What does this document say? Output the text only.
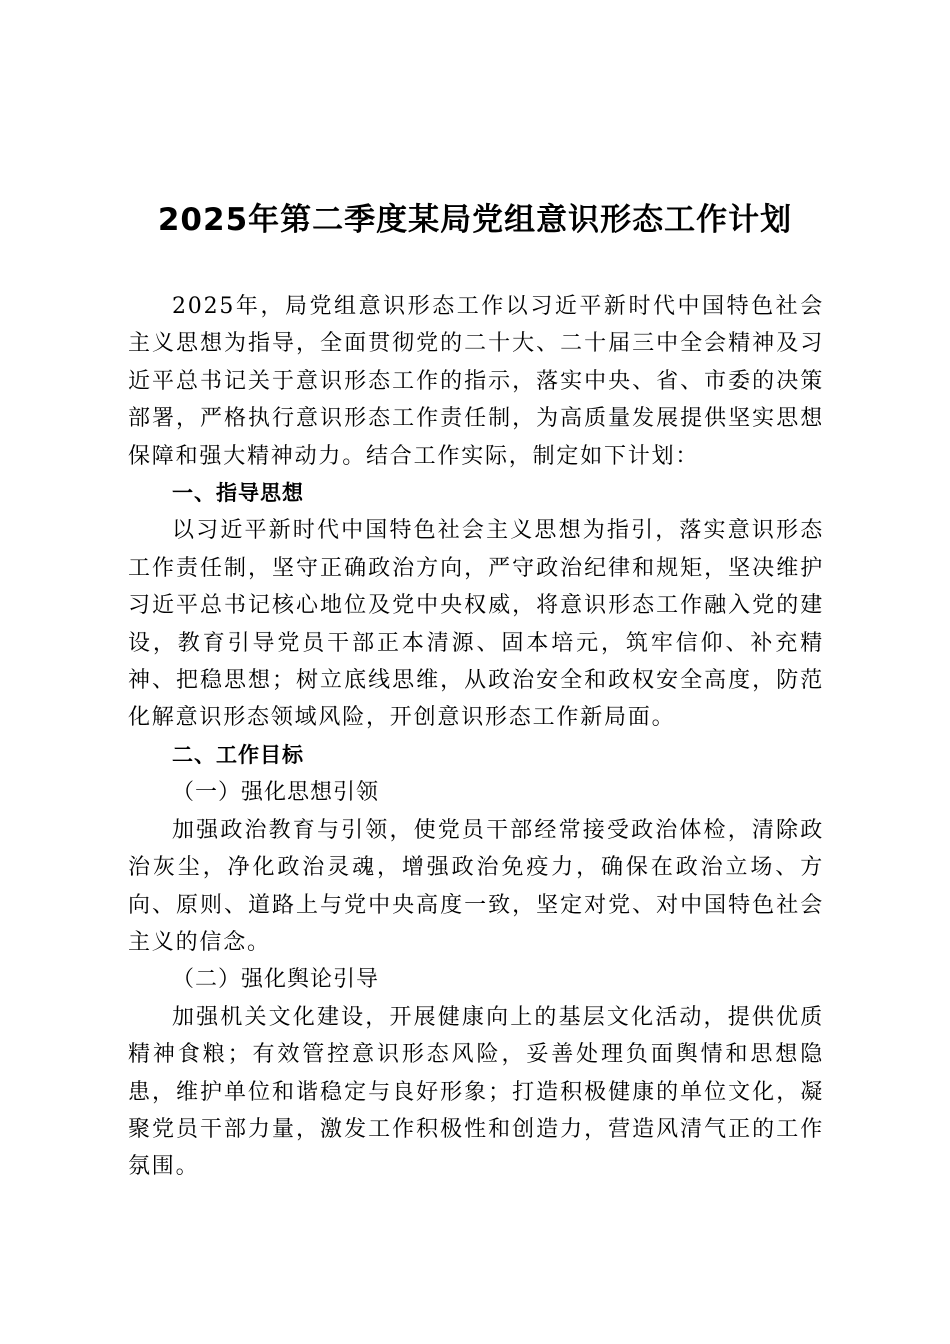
2025年第二季度某局党组意识形态工作计划

2025年，局党组意识形态工作以习近平新时代中国特色社会主义思想为指导，全面贯彻党的二十大、二十届三中全会精神及习近平总书记关于意识形态工作的指示，落实中央、省、市委的决策部署，严格执行意识形态工作责任制，为高质量发展提供坚实思想保障和强大精神动力。结合工作实际，制定如下计划：

一、指导思想

以习近平新时代中国特色社会主义思想为指引，落实意识形态工作责任制，坚守正确政治方向，严守政治纪律和规矩，坚决维护习近平总书记核心地位及党中央权威，将意识形态工作融入党的建设，教育引导党员干部正本清源、固本培元，筑牢信仰、补充精神、把稳思想；树立底线思维，从政治安全和政权安全高度，防范化解意识形态领域风险，开创意识形态工作新局面。

二、工作目标

（一）强化思想引领

加强政治教育与引领，使党员干部经常接受政治体检，清除政治灰尘，净化政治灵魂，增强政治免疫力，确保在政治立场、方向、原则、道路上与党中央高度一致，坚定对党、对中国特色社会主义的信念。

（二）强化舆论引导

加强机关文化建设，开展健康向上的基层文化活动，提供优质精神食粮；有效管控意识形态风险，妥善处理负面舆情和思想隐患，维护单位和谐稳定与良好形象；打造积极健康的单位文化，凝聚党员干部力量，激发工作积极性和创造力，营造风清气正的工作氛围。
